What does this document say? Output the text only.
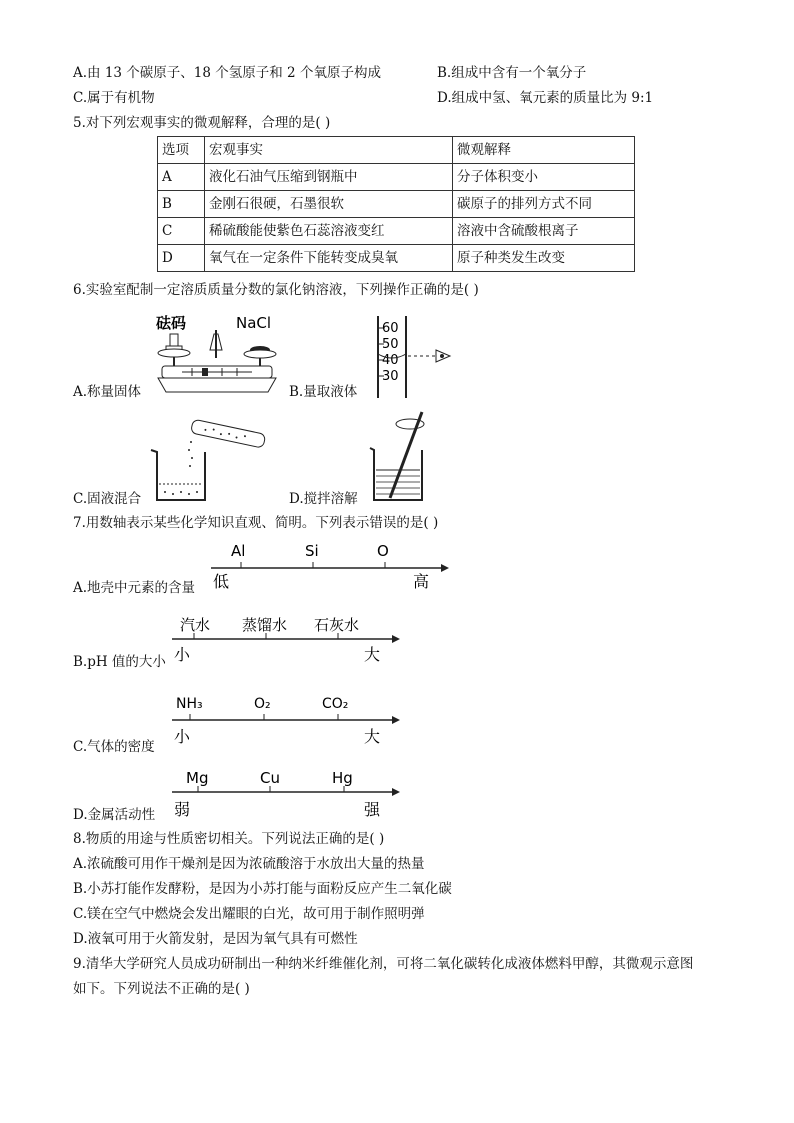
A.由 13 个碳原子、18 个氢原子和 2 个氧原子构成	B.组成中含有一个氧分子
C.属于有机物	D.组成中氢、氧元素的质量比为 9:1
5.对下列宏观事实的微观解释，合理的是( )
选项	宏观事实	微观解释
A	液化石油气压缩到钢瓶中	分子体积变小
B	金刚石很硬，石墨很软	碳原子的排列方式不同
C	稀硫酸能使紫色石蕊溶液变红	溶液中含硫酸根离子
D	氧气在一定条件下能转变成臭氧	原子种类发生改变
6.实验室配制一定溶质质量分数的氯化钠溶液，下列操作正确的是( )
砝码	NaCl
A.称量固体
60
50
40
30
B.量取液体
C.固液混合	D.搅拌溶解
7.用数轴表示某些化学知识直观、简明。下列表示错误的是( )
Al	Si	O
低	高
A.地壳中元素的含量
汽水 蒸馏水 石灰水
小	大
B.pH 值的大小
NH₃	O₂	CO₂
小	大
C.气体的密度
Mg	Cu	Hg
弱	强
D.金属活动性
8.物质的用途与性质密切相关。下列说法正确的是( )
A.浓硫酸可用作干燥剂是因为浓硫酸溶于水放出大量的热量
B.小苏打能作发酵粉，是因为小苏打能与面粉反应产生二氧化碳
C.镁在空气中燃烧会发出耀眼的白光，故可用于制作照明弹
D.液氧可用于火箭发射，是因为氧气具有可燃性
9.清华大学研究人员成功研制出一种纳米纤维催化剂，可将二氧化碳转化成液体燃料甲醇，其微观示意图
如下。下列说法不正确的是( )
